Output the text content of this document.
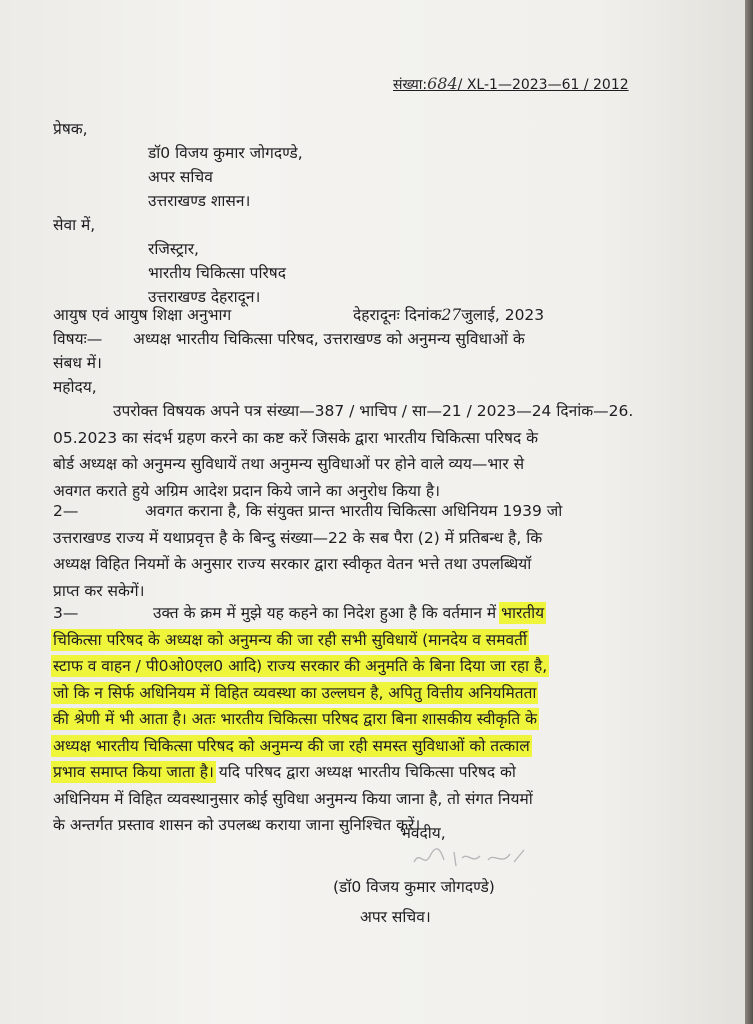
संख्या:684/ XL-1—2023—61 / 2012
प्रेषक,
डॉ0 विजय कुमार जोगदण्डे,
अपर सचिव
उत्तराखण्ड शासन।
सेवा में,
रजिस्ट्रार,
भारतीय चिकित्सा परिषद
उत्तराखण्ड देहरादून।
आयुष एवं आयुष शिक्षा अनुभाग	देहरादूनः दिनांक27जुलाई, 2023
विषयः— अध्यक्ष भारतीय चिकित्सा परिषद, उत्तराखण्ड को अनुमन्य सुविधाओं के
संबध में।
महोदय,
उपरोक्त विषयक अपने पत्र संख्या—387 / भाचिप / सा—21 / 2023—24 दिनांक—26.
05.2023 का संदर्भ ग्रहण करने का कष्ट करें जिसके द्वारा भारतीय चिकित्सा परिषद के
बोर्ड अध्यक्ष को अनुमन्य सुविधायें तथा अनुमन्य सुविधाओं पर होने वाले व्यय—भार से
अवगत कराते हुये अग्रिम आदेश प्रदान किये जाने का अनुरोध किया है।
2—	अवगत कराना है, कि संयुक्त प्रान्त भारतीय चिकित्सा अधिनियम 1939 जो
उत्तराखण्ड राज्य में यथाप्रवृत्त है के बिन्दु संख्या—22 के सब पैरा (2) में प्रतिबन्ध है, कि
अध्यक्ष विहित नियमों के अनुसार राज्य सरकार द्वारा स्वीकृत वेतन भत्ते तथा उपलब्धियॉ
प्राप्त कर सकेगें।
3—	उक्त के क्रम में मुझे यह कहने का निदेश हुआ है कि वर्तमान में भारतीय
चिकित्सा परिषद के अध्यक्ष को अनुमन्य की जा रही सभी सुविधायें (मानदेय व समवर्ती
स्टाफ व वाहन / पी0ओ0एल0 आदि) राज्य सरकार की अनुमति के बिना दिया जा रहा है,
जो कि न सिर्फ अधिनियम में विहित व्यवस्था का उल्लघन है, अपितु वित्तीय अनियमितता
की श्रेणी में भी आता है। अतः भारतीय चिकित्सा परिषद द्वारा बिना शासकीय स्वीकृति के
अध्यक्ष भारतीय चिकित्सा परिषद को अनुमन्य की जा रही समस्त सुविधाओं को तत्काल
प्रभाव समाप्त किया जाता है। यदि परिषद द्वारा अध्यक्ष भारतीय चिकित्सा परिषद को
अधिनियम में विहित व्यवस्थानुसार कोई सुविधा अनुमन्य किया जाना है, तो संगत नियमों
के अन्तर्गत प्रस्ताव शासन को उपलब्ध कराया जाना सुनिश्चित करें।
भवदीय,
(डॉ0 विजय कुमार जोगदण्डे)
अपर सचिव।
